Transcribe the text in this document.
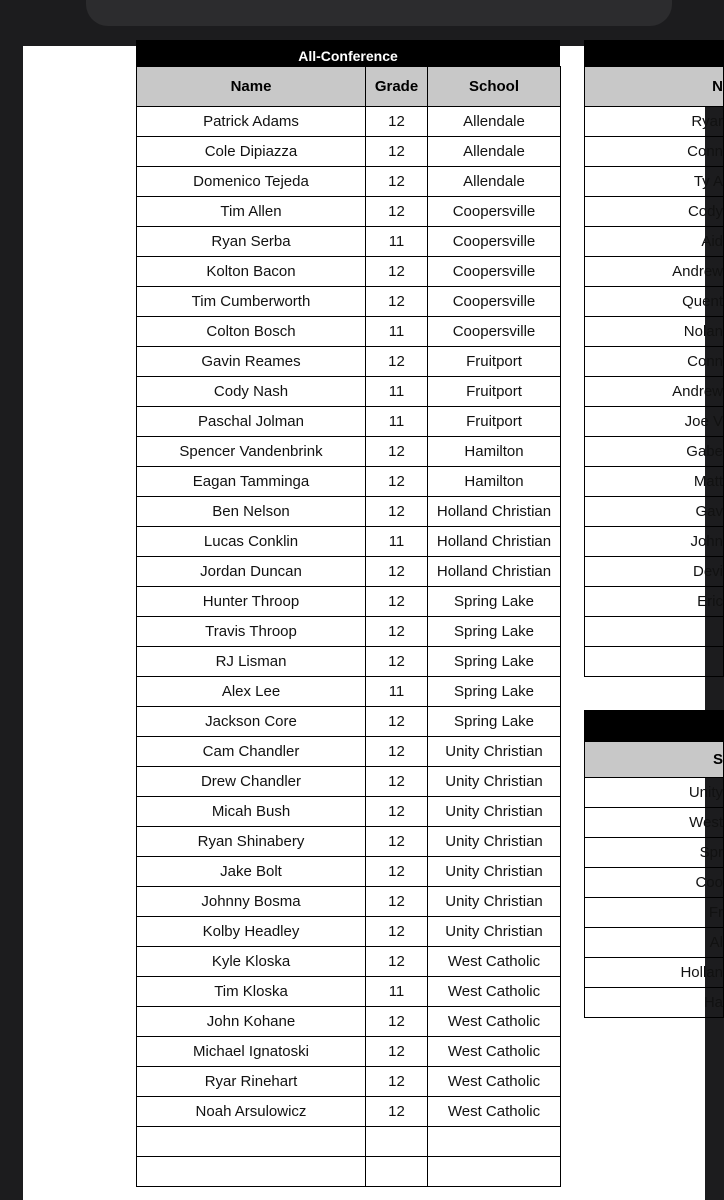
All-Conference
Name	Grade	School
Patrick Adams	12	Allendale
Cole Dipiazza	12	Allendale
Domenico Tejeda	12	Allendale
Tim Allen	12	Coopersville
Ryan Serba	11	Coopersville
Kolton Bacon	12	Coopersville
Tim Cumberworth	12	Coopersville
Colton Bosch	11	Coopersville
Gavin Reames	12	Fruitport
Cody Nash	11	Fruitport
Paschal Jolman	11	Fruitport
Spencer Vandenbrink	12	Hamilton
Eagan Tamminga	12	Hamilton
Ben Nelson	12	Holland Christian
Lucas Conklin	11	Holland Christian
Jordan Duncan	12	Holland Christian
Hunter Throop	12	Spring Lake
Travis Throop	12	Spring Lake
RJ Lisman	12	Spring Lake
Alex Lee	11	Spring Lake
Jackson Core	12	Spring Lake
Cam Chandler	12	Unity Christian
Drew Chandler	12	Unity Christian
Micah Bush	12	Unity Christian
Ryan Shinabery	12	Unity Christian
Jake Bolt	12	Unity Christian
Johnny Bosma	12	Unity Christian
Kolby Headley	12	Unity Christian
Kyle Kloska	12	West Catholic
Tim Kloska	11	West Catholic
John Kohane	12	West Catholic
Michael Ignatoski	12	West Catholic
Ryar Rinehart	12	West Catholic
Noah Arsulowicz	12	West Catholic

N
Ryar
Conn
Ty A
Cody
Aid
Andrew
Quent
Nolan
Conn
Andrew
Joe V
Gabe
Matt
Gav
John
Devi
Eric

S
Unity
West
Spr
Coo
Fr
Al
Hollan
Ha
